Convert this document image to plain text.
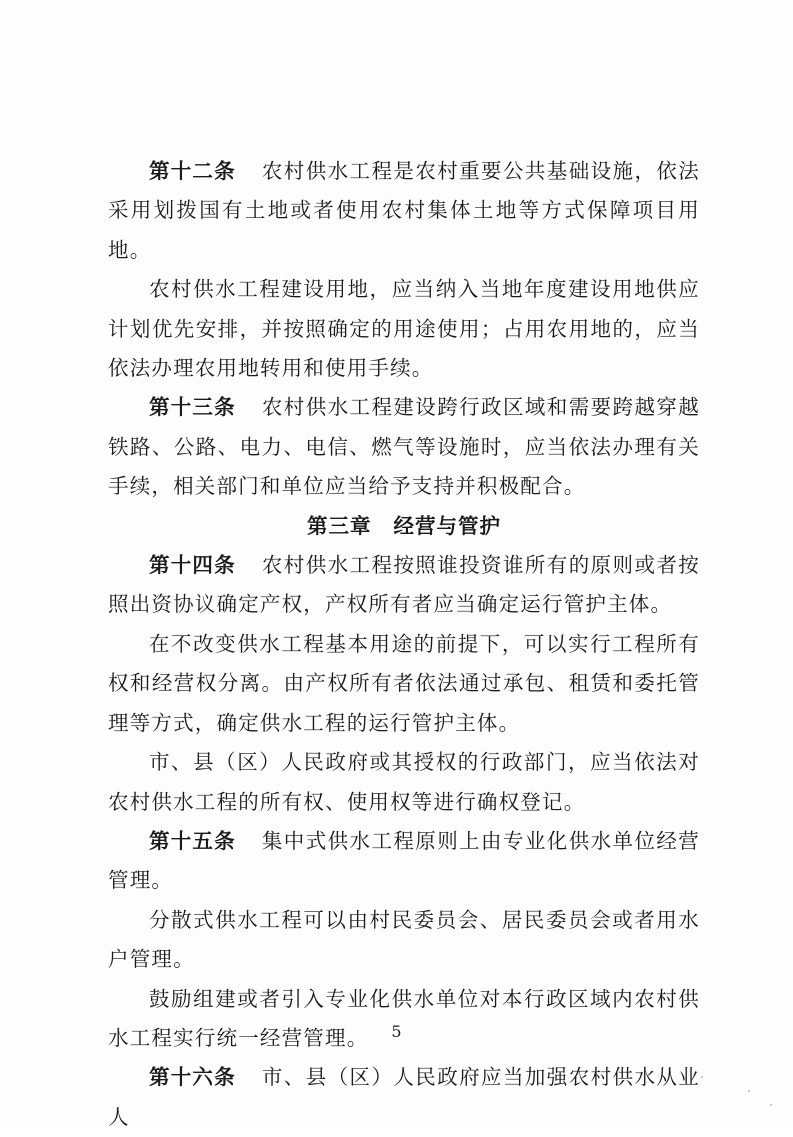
第十二条 农村供水工程是农村重要公共基础设施，依法采用划拨国有土地或者使用农村集体土地等方式保障项目用地。

农村供水工程建设用地，应当纳入当地年度建设用地供应计划优先安排，并按照确定的用途使用；占用农用地的，应当依法办理农用地转用和使用手续。

第十三条 农村供水工程建设跨行政区域和需要跨越穿越铁路、公路、电力、电信、燃气等设施时，应当依法办理有关手续，相关部门和单位应当给予支持并积极配合。

第三章 经营与管护

第十四条 农村供水工程按照谁投资谁所有的原则或者按照出资协议确定产权，产权所有者应当确定运行管护主体。

在不改变供水工程基本用途的前提下，可以实行工程所有权和经营权分离。由产权所有者依法通过承包、租赁和委托管理等方式，确定供水工程的运行管护主体。

市、县（区）人民政府或其授权的行政部门，应当依法对农村供水工程的所有权、使用权等进行确权登记。

第十五条 集中式供水工程原则上由专业化供水单位经营管理。

分散式供水工程可以由村民委员会、居民委员会或者用水户管理。

鼓励组建或者引入专业化供水单位对本行政区域内农村供水工程实行统一经营管理。

第十六条 市、县（区）人民政府应当加强农村供水从业人

5
